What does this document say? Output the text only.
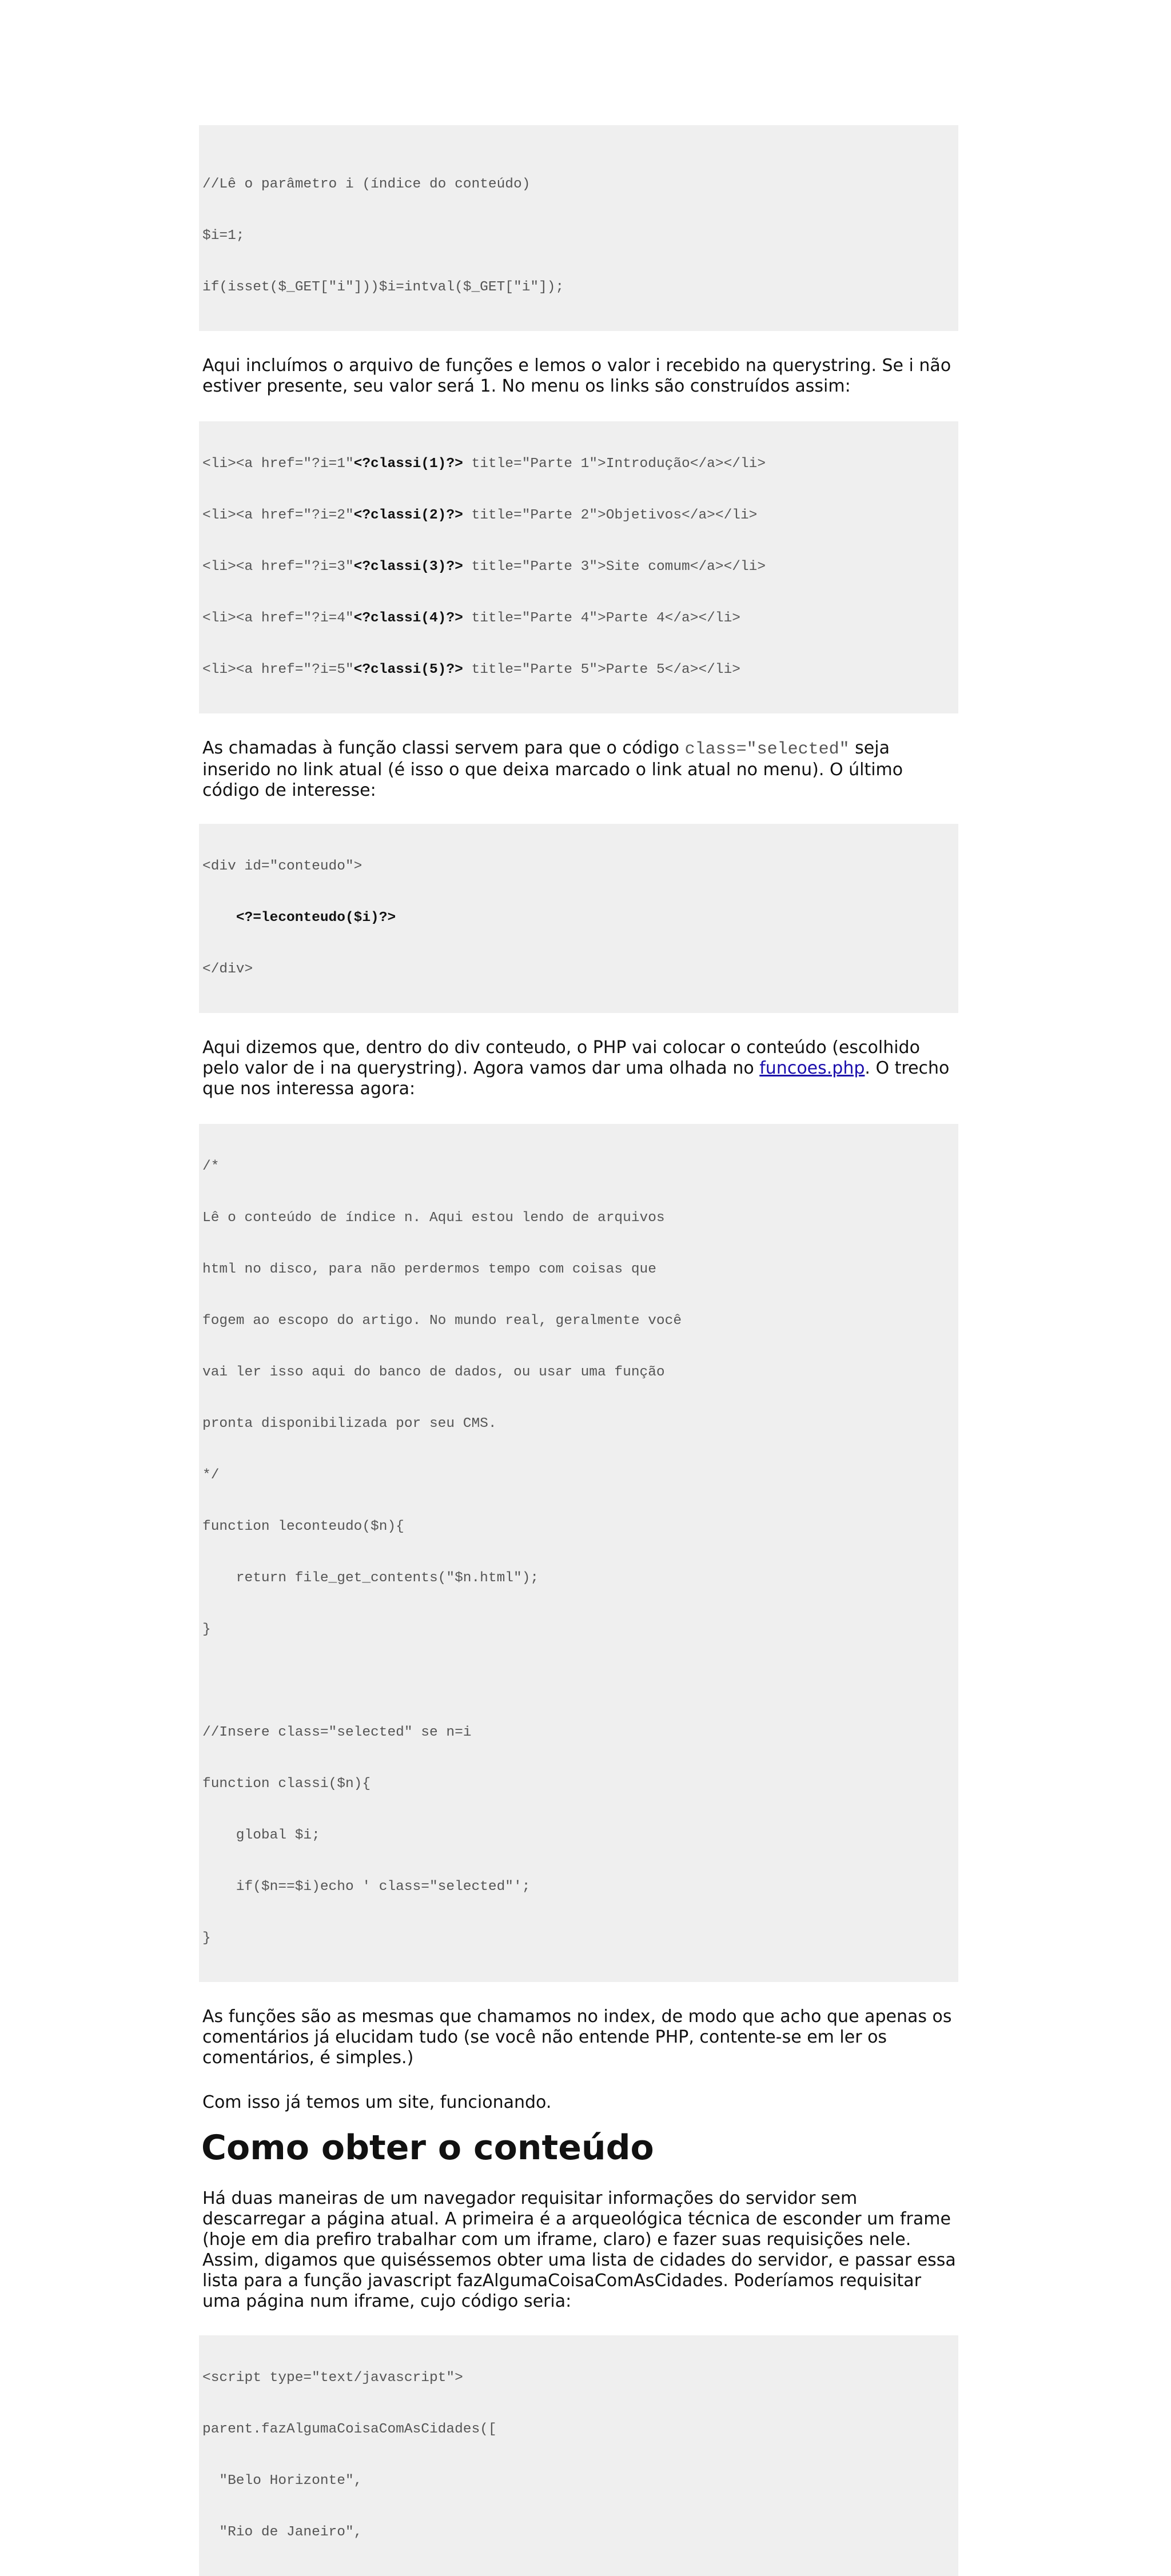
//Lê o parâmetro i (índice do conteúdo)

$i=1;

if(isset($_GET["i"]))$i=intval($_GET["i"]);

Aqui incluímos o arquivo de funções e lemos o valor i recebido na querystring. Se i não estiver presente, seu valor será 1. No menu os links são construídos assim:

<li><a href="?i=1"<?classi(1)?> title="Parte 1">Introdução</a></li>

<li><a href="?i=2"<?classi(2)?> title="Parte 2">Objetivos</a></li>

<li><a href="?i=3"<?classi(3)?> title="Parte 3">Site comum</a></li>

<li><a href="?i=4"<?classi(4)?> title="Parte 4">Parte 4</a></li>

<li><a href="?i=5"<?classi(5)?> title="Parte 5">Parte 5</a></li>

As chamadas à função classi servem para que o código class="selected" seja inserido no link atual (é isso o que deixa marcado o link atual no menu). O último código de interesse:

<div id="conteudo">

<?=leconteudo($i)?>

</div>

Aqui dizemos que, dentro do div conteudo, o PHP vai colocar o conteúdo (escolhido pelo valor de i na querystring). Agora vamos dar uma olhada no funcoes.php. O trecho que nos interessa agora:

/*

Lê o conteúdo de índice n. Aqui estou lendo de arquivos

html no disco, para não perdermos tempo com coisas que

fogem ao escopo do artigo. No mundo real, geralmente você

vai ler isso aqui do banco de dados, ou usar uma função

pronta disponibilizada por seu CMS.

*/

function leconteudo($n){

return file_get_contents("$n.html");

}

//Insere class="selected" se n=i

function classi($n){

global $i;

if($n==$i)echo ' class="selected"';

}

As funções são as mesmas que chamamos no index, de modo que acho que apenas os comentários já elucidam tudo (se você não entende PHP, contente-se em ler os comentários, é simples.)

Com isso já temos um site, funcionando.

Como obter o conteúdo

Há duas maneiras de um navegador requisitar informações do servidor sem descarregar a página atual. A primeira é a arqueológica técnica de esconder um frame (hoje em dia prefiro trabalhar com um iframe, claro) e fazer suas requisições nele. Assim, digamos que quiséssemos obter uma lista de cidades do servidor, e passar essa lista para a função javascript fazAlgumaCoisaComAsCidades. Poderíamos requisitar uma página num iframe, cujo código seria:

<script type="text/javascript">

parent.fazAlgumaCoisaComAsCidades([

"Belo Horizonte",

"Rio de Janeiro",
